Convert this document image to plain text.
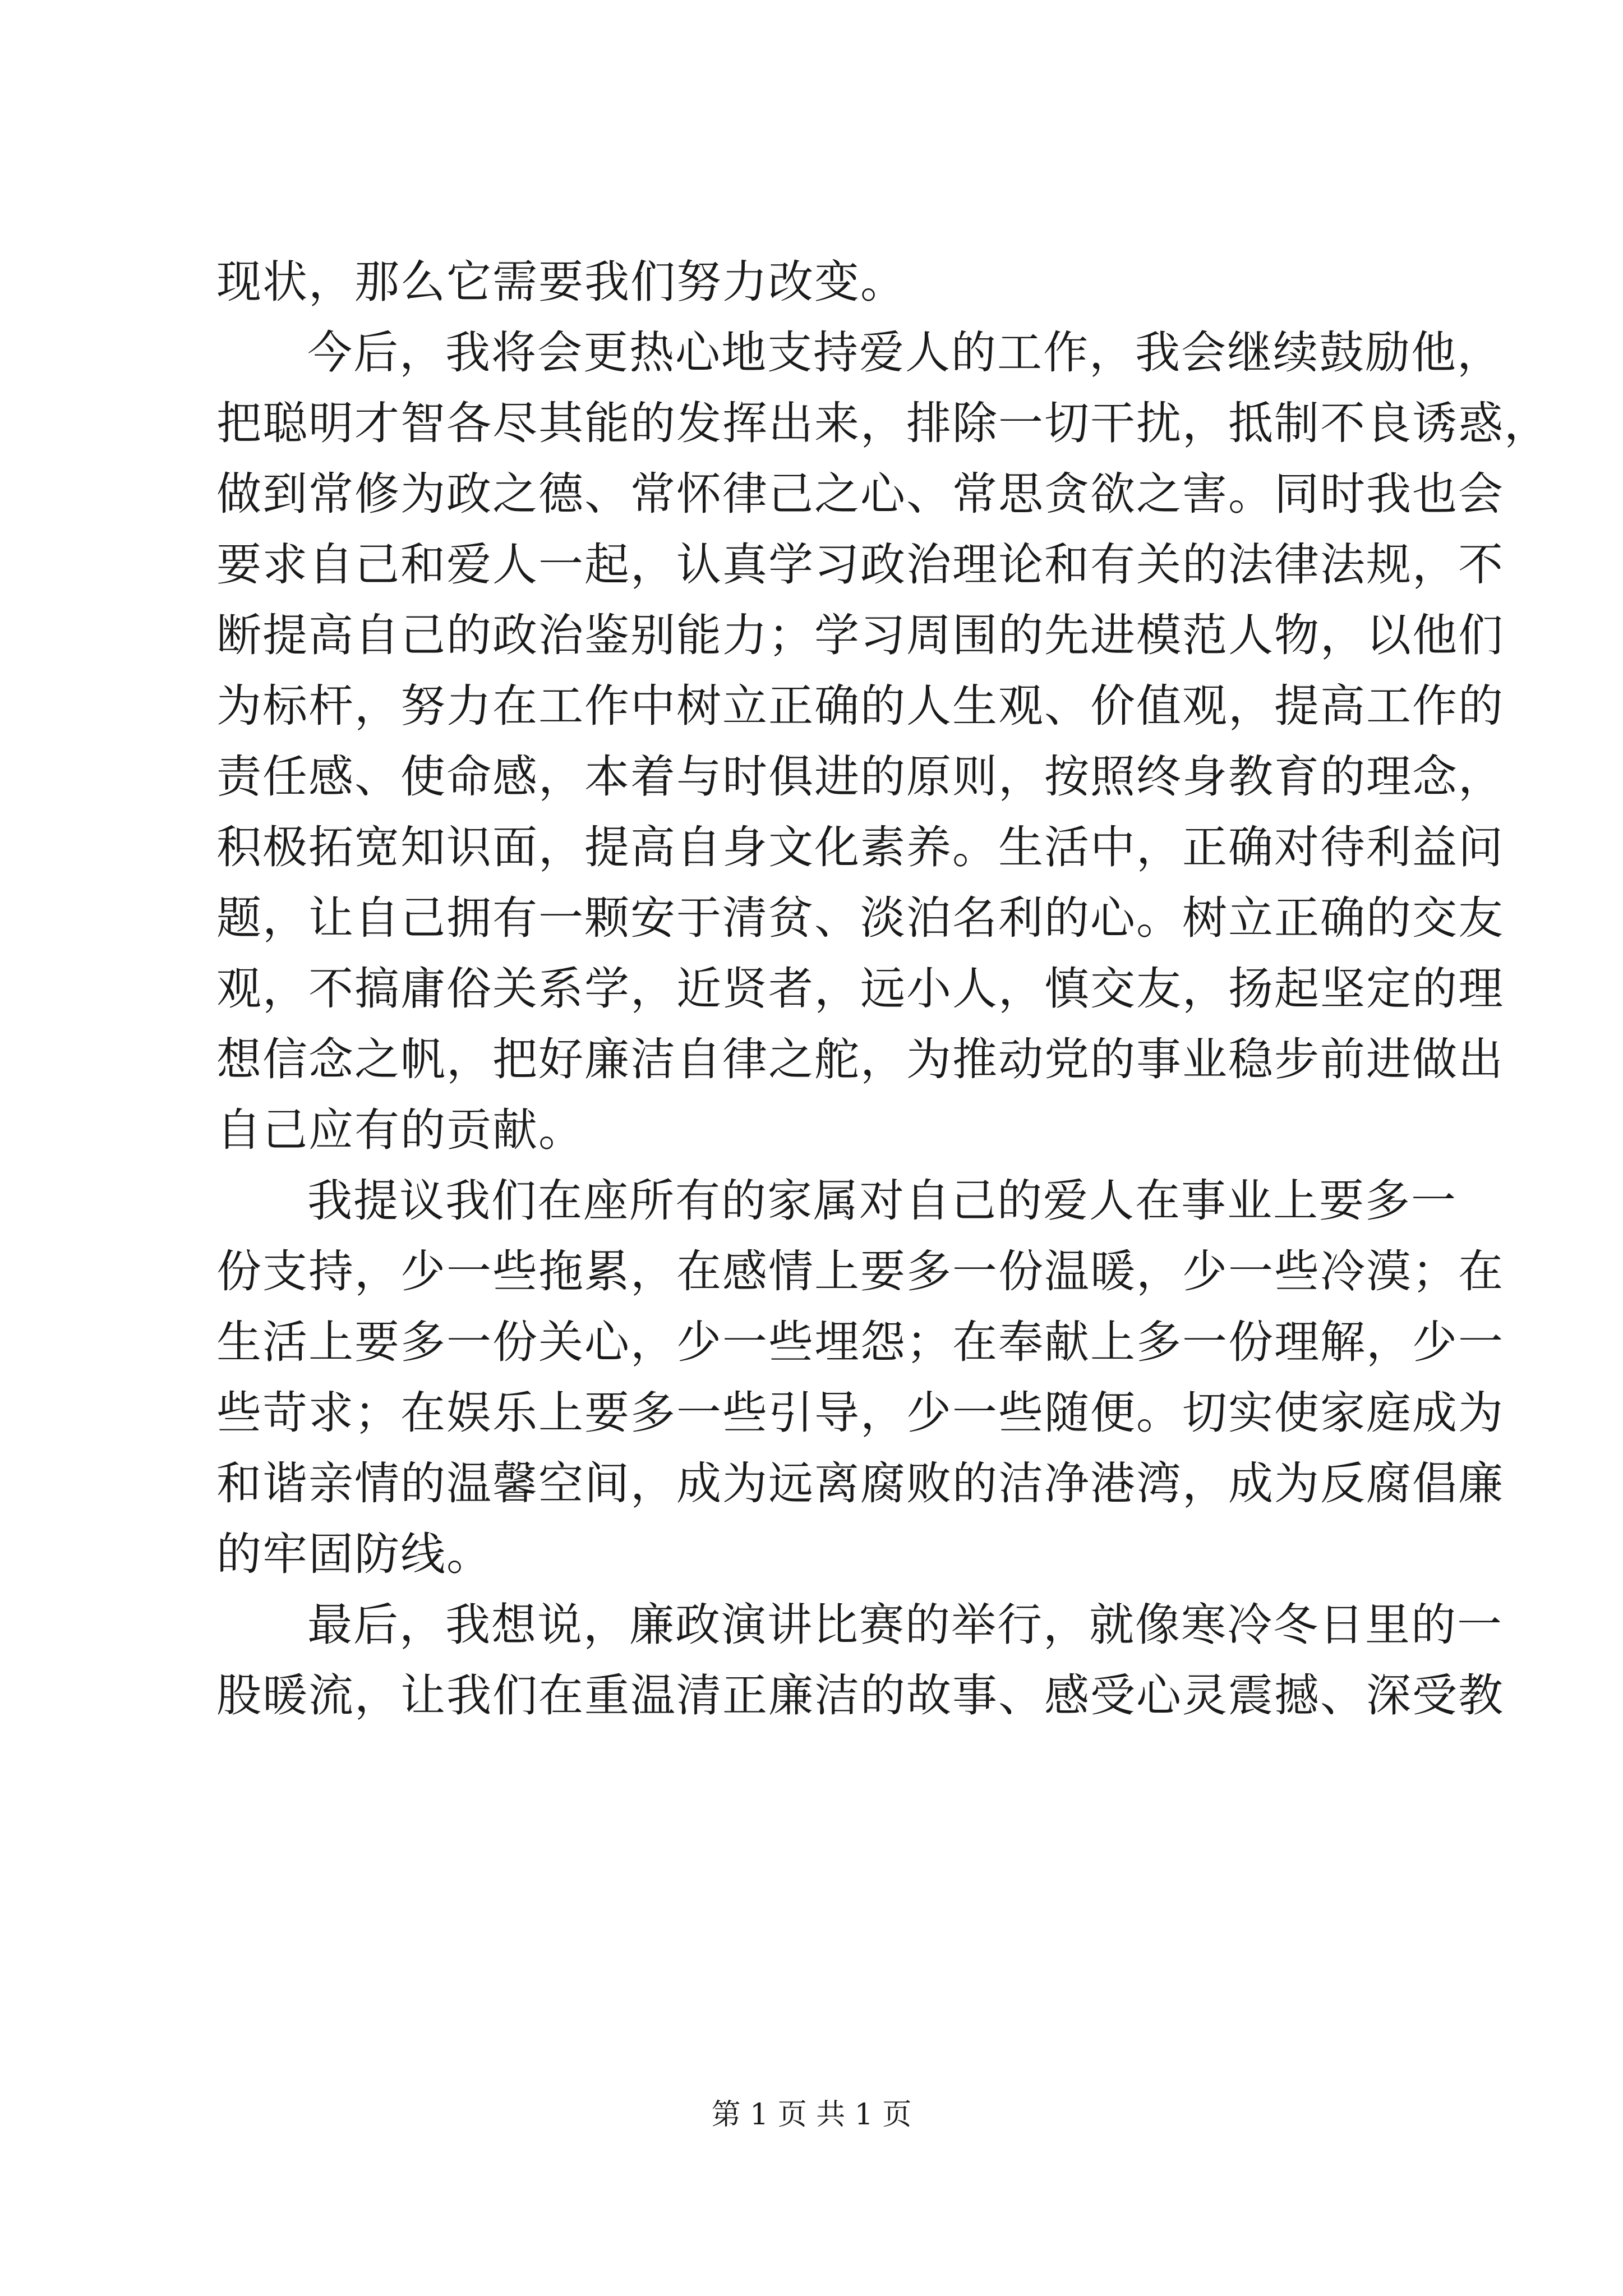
现状，那么它需要我们努力改变。
今后，我将会更热心地支持爱人的工作，我会继续鼓励他，
把聪明才智各尽其能的发挥出来，排除一切干扰，抵制不良诱惑，
做到常修为政之德、常怀律己之心、常思贪欲之害。同时我也会
要求自己和爱人一起，认真学习政治理论和有关的法律法规，不
断提高自己的政治鉴别能力；学习周围的先进模范人物，以他们
为标杆，努力在工作中树立正确的人生观、价值观，提高工作的
责任感、使命感，本着与时俱进的原则，按照终身教育的理念，
积极拓宽知识面，提高自身文化素养。生活中，正确对待利益问
题，让自己拥有一颗安于清贫、淡泊名利的心。树立正确的交友
观，不搞庸俗关系学，近贤者，远小人，慎交友，扬起坚定的理
想信念之帆，把好廉洁自律之舵，为推动党的事业稳步前进做出
自己应有的贡献。
我提议我们在座所有的家属对自己的爱人在事业上要多一
份支持，少一些拖累，在感情上要多一份温暖，少一些冷漠；在
生活上要多一份关心，少一些埋怨；在奉献上多一份理解，少一
些苛求；在娱乐上要多一些引导，少一些随便。切实使家庭成为
和谐亲情的温馨空间，成为远离腐败的洁净港湾，成为反腐倡廉
的牢固防线。
最后，我想说，廉政演讲比赛的举行，就像寒冷冬日里的一
股暖流，让我们在重温清正廉洁的故事、感受心灵震撼、深受教
第 1 页 共 1 页
